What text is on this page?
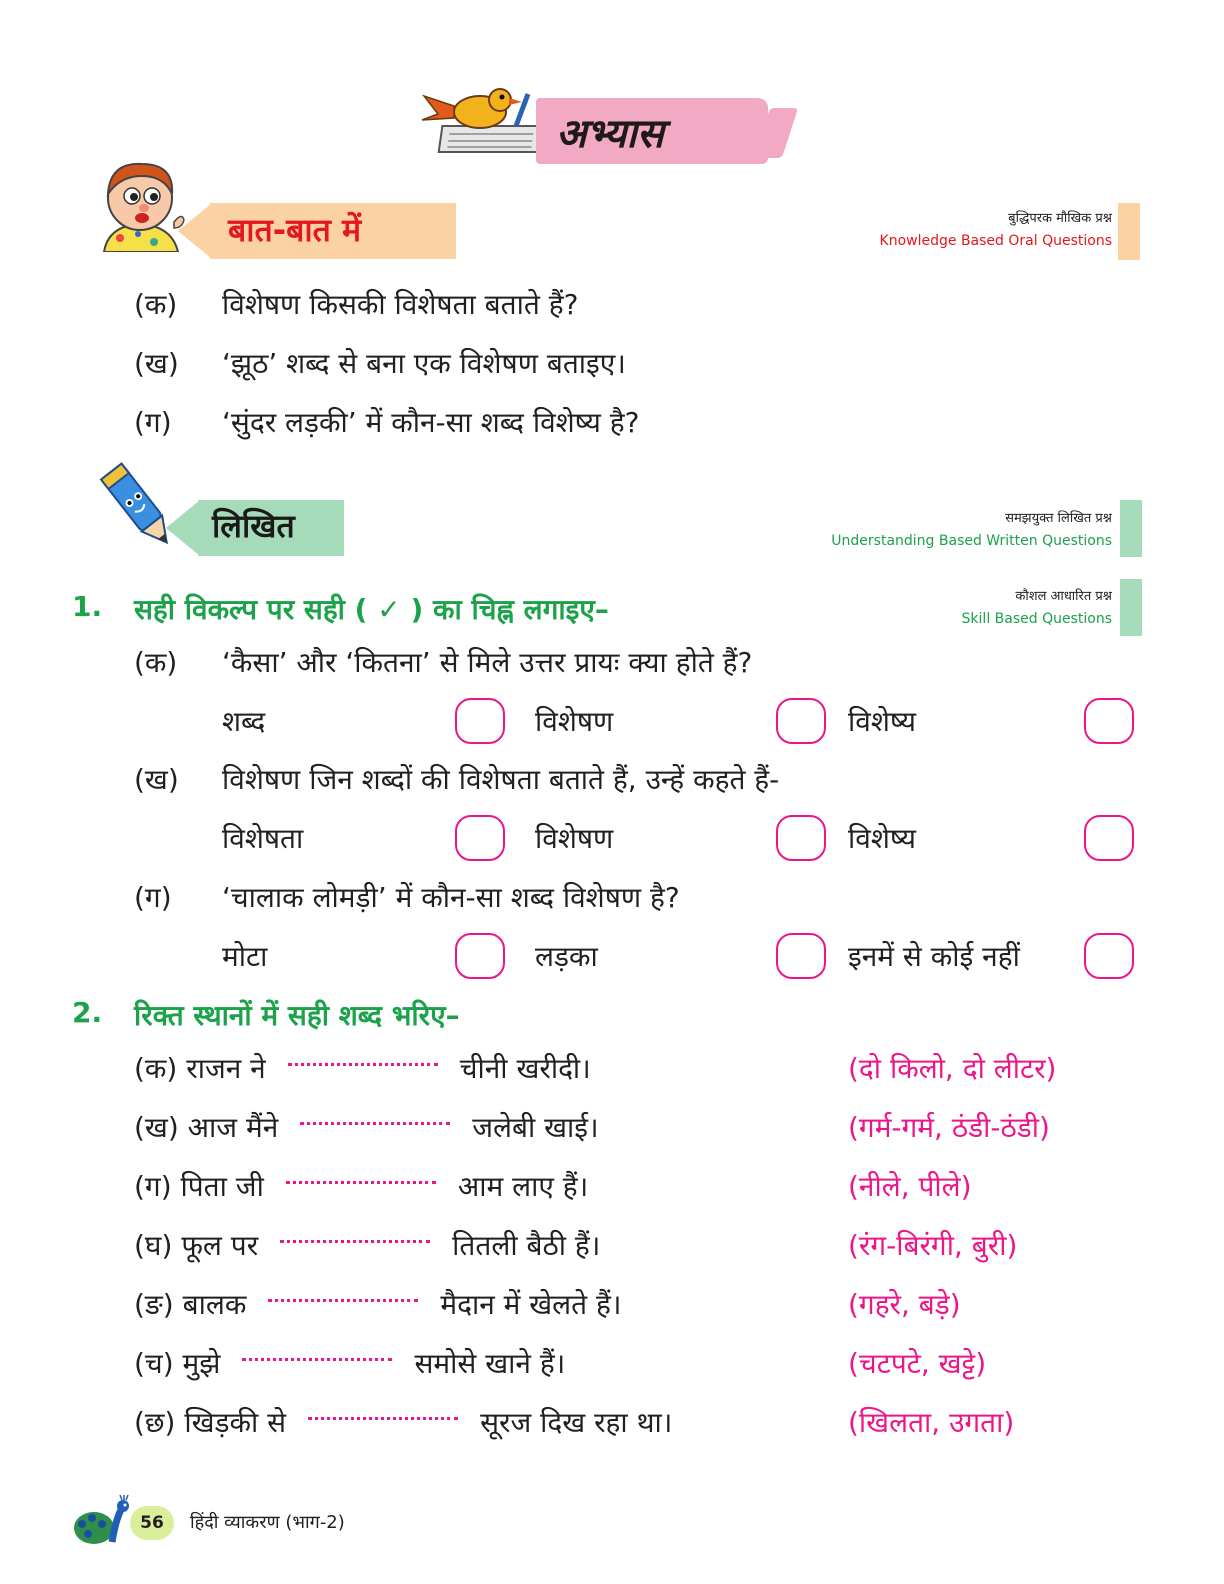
अभ्यास
बात-बात में	बुद्धिपरक मौखिक प्रश्न
Knowledge Based Oral Questions
(क) विशेषण किसकी विशेषता बताते हैं?
(ख) ‘झूठ’ शब्द से बना एक विशेषण बताइए।
(ग) ‘सुंदर लड़की’ में कौन-सा शब्द विशेष्य है?
लिखित	समझयुक्त लिखित प्रश्न
Understanding Based Written Questions
कौशल आधारित प्रश्न
Skill Based Questions
1. सही विकल्प पर सही ( ✓ ) का चिह्न लगाइए–
(क) ‘कैसा’ और ‘कितना’ से मिले उत्तर प्रायः क्या होते हैं?
शब्द	विशेषण	विशेष्य
(ख) विशेषण जिन शब्दों की विशेषता बताते हैं, उन्हें कहते हैं-
विशेषता	विशेषण	विशेष्य
(ग) ‘चालाक लोमड़ी’ में कौन-सा शब्द विशेषण है?
मोटा	लड़का	इनमें से कोई नहीं
2. रिक्त स्थानों में सही शब्द भरिए–
(क) राजन ने	चीनी खरीदी।	(दो किलो, दो लीटर)
(ख) आज मैंने	जलेबी खाई।	(गर्म-गर्म, ठंडी-ठंडी)
(ग) पिता जी	आम लाए हैं।	(नीले, पीले)
(घ) फूल पर	तितली बैठी हैं।	(रंग-बिरंगी, बुरी)
(ङ) बालक	मैदान में खेलते हैं।	(गहरे, बड़े)
(च) मुझे	समोसे खाने हैं।	(चटपटे, खट्टे)
(छ) खिड़की से	सूरज दिख रहा था।	(खिलता, उगता)
56	हिंदी व्याकरण (भाग-2)
